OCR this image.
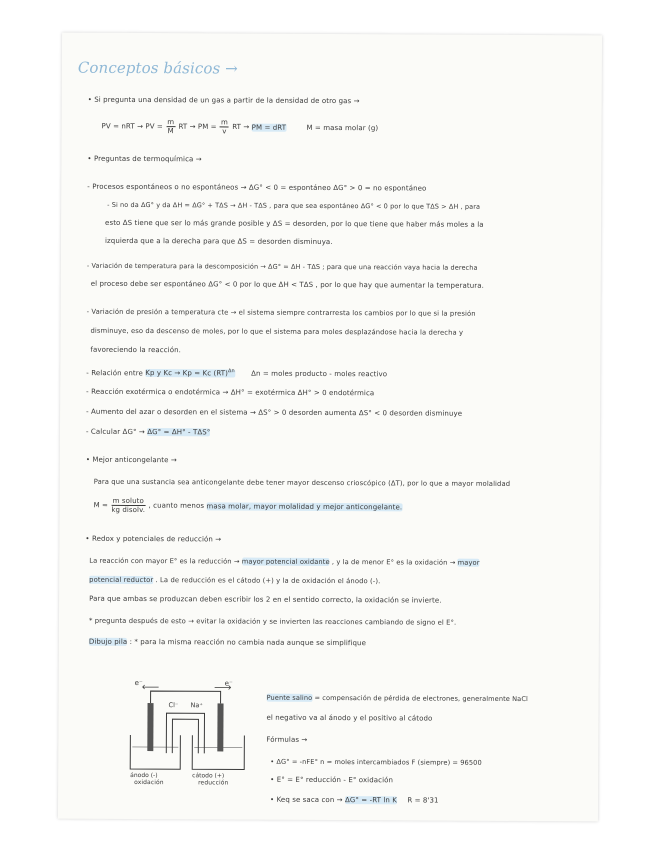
Conceptos básicos →
• Si pregunta una densidad de un gas a partir de la densidad de otro gas →
PV = nRT → PV = $\frac{m}{M}$ RT → PM = $\frac{m}{v}$ RT → PM = dRT	M = masa molar (g)
• Preguntas de termoquímica →
- Procesos espontáneos o no espontáneos → ΔG° < 0 = espontáneo ΔG° > 0 = no espontáneo
- Si no da ΔG° y da ΔH = ΔG° + TΔS → ΔH - TΔS , para que sea espontáneo ΔG° < 0 por lo que TΔS > ΔH , para
esto ΔS tiene que ser lo más grande posible y ΔS = desorden, por lo que tiene que haber más moles a la
izquierda que a la derecha para que ΔS = desorden disminuya.
- Variación de temperatura para la descomposición → ΔG° = ΔH - TΔS ; para que una reacción vaya hacia la derecha
el proceso debe ser espontáneo ΔG° < 0 por lo que ΔH < TΔS , por lo que hay que aumentar la temperatura.
- Variación de presión a temperatura cte → el sistema siempre contrarresta los cambios por lo que si la presión
disminuye, eso da descenso de moles, por lo que el sistema para moles desplazándose hacia la derecha y
favoreciendo la reacción.
- Relación entre Kp y Kc → Kp = Kc (RT)$^{\Delta n}$ Δn = moles producto - moles reactivo
- Reacción exotérmica o endotérmica → ΔH° = exotérmica ΔH° > 0 endotérmica
- Aumento del azar o desorden en el sistema → ΔS° > 0 desorden aumenta ΔS° < 0 desorden disminuye
- Calcular ΔG° → ΔG° = ΔH° - TΔS°
• Mejor anticongelante →
Para que una sustancia sea anticongelante debe tener mayor descenso crioscópico (ΔT), por lo que a mayor molalidad
$M = \frac{\text{m soluto}}{\text{kg disolv.}}$ , cuanto menos masa molar, mayor molalidad y mejor anticongelante.
• Redox y potenciales de reducción →
La reacción con mayor E° es la reducción → mayor potencial oxidante , y la de menor E° es la oxidación → mayor
potencial reductor . La de reducción es el cátodo (+) y la de oxidación el ánodo (-).
Para que ambas se produzcan deben escribir los 2 en el sentido correcto, la oxidación se invierte.
* pregunta después de esto → evitar la oxidación y se invierten las reacciones cambiando de signo el E°.
Dibujo pila : * para la misma reacción no cambia nada aunque se simplifique
e⁻	e⁻
Cl⁻ Na⁺
ánodo (-)	cátodo (+)
oxidación	reducción
Puente salino = compensación de pérdida de electrones, generalmente NaCl
el negativo va al ánodo y el positivo al cátodo
Fórmulas →
• ΔG° = -nFE° n = moles intercambiados F (siempre) = 96500
• E° = E° reducción - E° oxidación
• Keq se saca con → ΔG° = -RT ln K R = 8'31
